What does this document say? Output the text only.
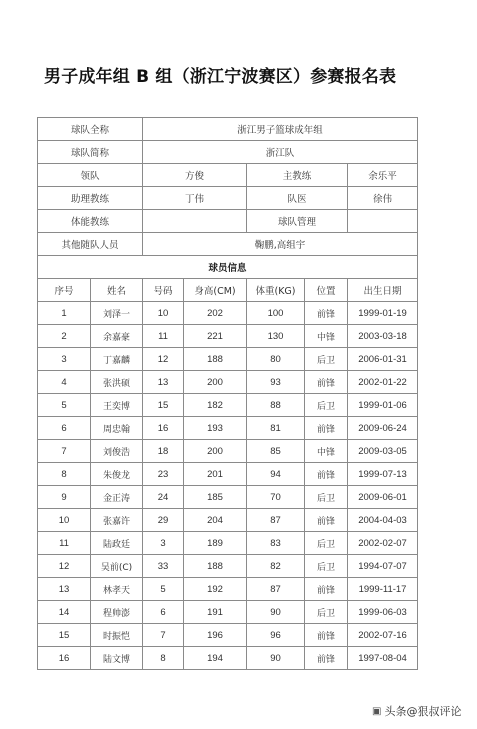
男子成年组 B 组（浙江宁波赛区）参赛报名表
球队全称		浙江男子篮球成年组				
球队简称		浙江队				
领队		方俊		主教练		余乐平
助理教练		丁伟		队医		徐伟
体能教练				球队管理		
其他随队人员		鞠鹏,高组宇				
球员信息						
序号	姓名	号码	身高(CM)	体重(KG)	位置	出生日期
1	刘泽一	10	202	100	前锋	1999-01-19
2	余嘉豪	11	221	130	中锋	2003-03-18
3	丁嘉麟	12	188	80	后卫	2006-01-31
4	张洪硕	13	200	93	前锋	2002-01-22
5	王奕博	15	182	88	后卫	1999-01-06
6	周忠翰	16	193	81	前锋	2009-06-24
7	刘俊浩	18	200	85	中锋	2009-03-05
8	朱俊龙	23	201	94	前锋	1999-07-13
9	金正涛	24	185	70	后卫	2009-06-01
10	张嘉许	29	204	87	前锋	2004-04-03
11	陆政廷	3	189	83	后卫	2002-02-07
12	吴前(C)	33	188	82	后卫	1994-07-07
13	林孝天	5	192	87	前锋	1999-11-17
14	程帅澎	6	191	90	后卫	1999-06-03
15	时振恺	7	196	96	前锋	2002-07-16
16	陆文博	8	194	90	前锋	1997-08-04
▣ 头条@狠叔评论
